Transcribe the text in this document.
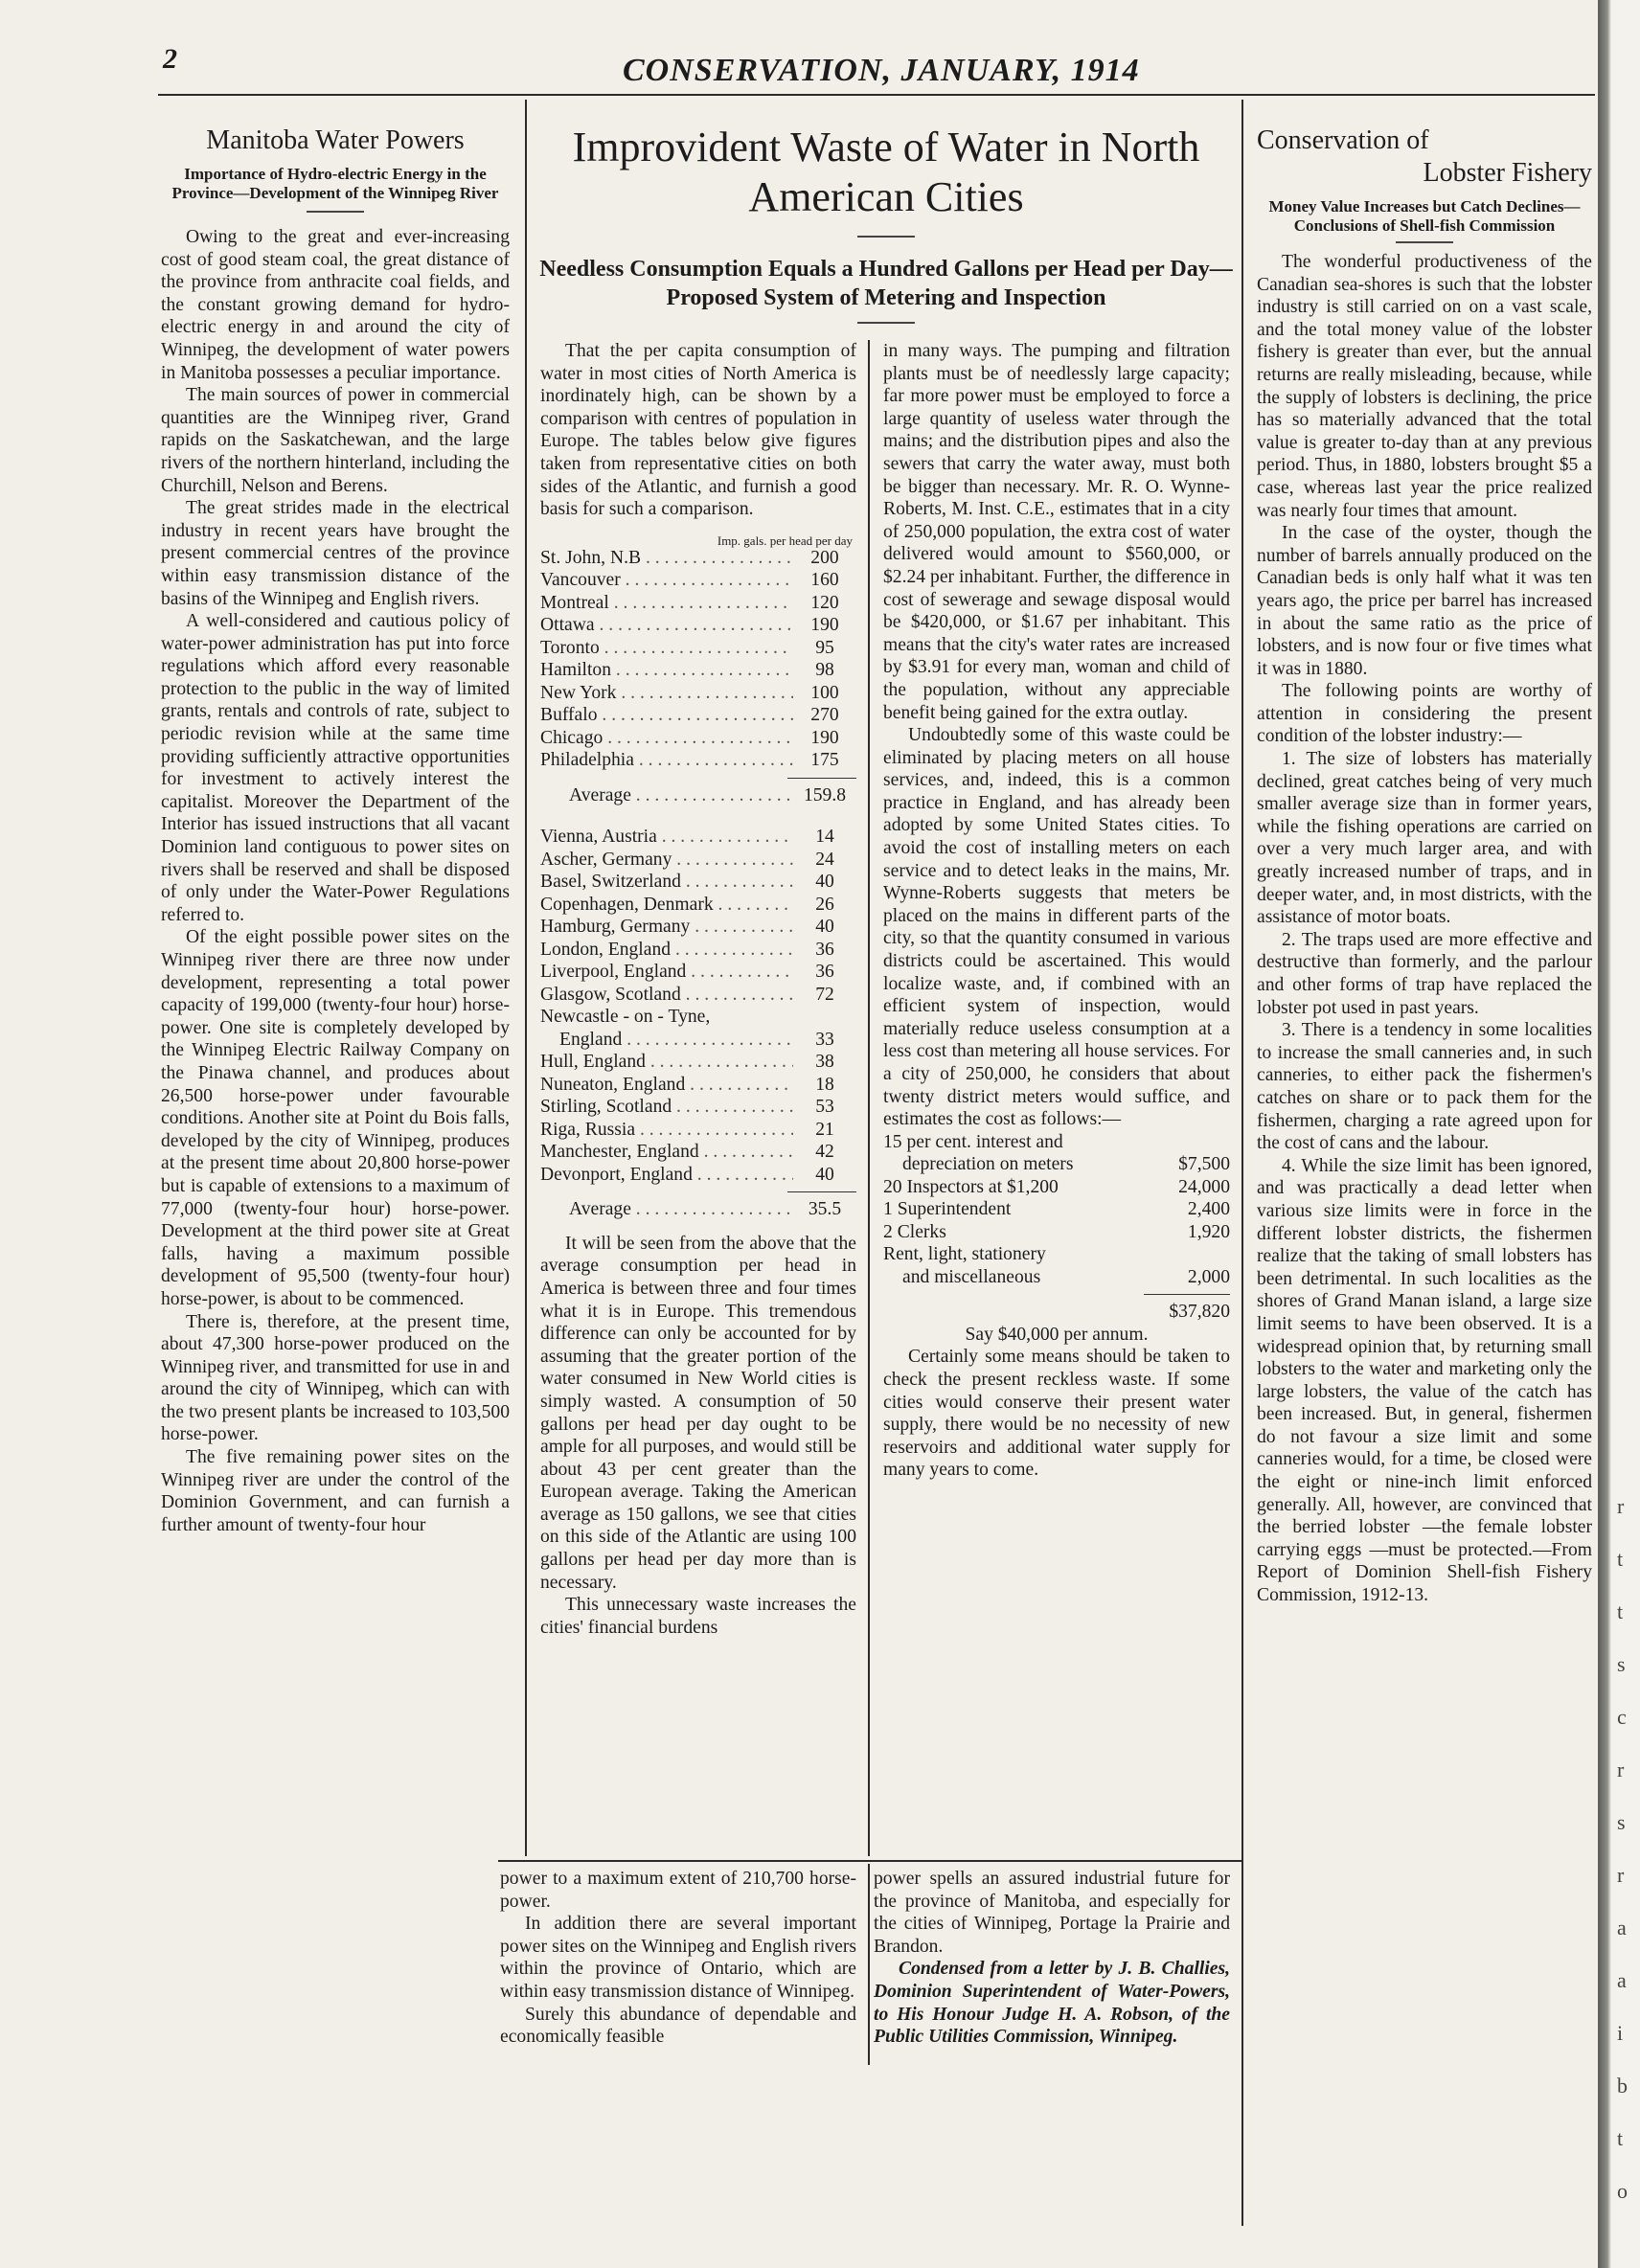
2	CONSERVATION, JANUARY, 1914
Manitoba Water Powers
Importance of Hydro-electric Energy in the Province—Development of the Winnipeg River

Owing to the great and ever-increasing cost of good steam coal, the great distance of the province from anthracite coal fields, and the constant growing demand for hydro-electric energy in and around the city of Winnipeg, the development of water powers in Manitoba possesses a peculiar importance.

The main sources of power in commercial quantities are the Winnipeg river, Grand rapids on the Saskatchewan, and the large rivers of the northern hinterland, including the Churchill, Nelson and Berens.

The great strides made in the electrical industry in recent years have brought the present commercial centres of the province within easy transmission distance of the basins of the Winnipeg and English rivers.

A well-considered and cautious policy of water-power administration has put into force regulations which afford every reasonable protection to the public in the way of limited grants, rentals and controls of rate, subject to periodic revision while at the same time providing sufficiently attractive opportunities for investment to actively interest the capitalist. Moreover the Department of the Interior has issued instructions that all vacant Dominion land contiguous to power sites on rivers shall be reserved and shall be disposed of only under the Water-Power Regulations referred to.

Of the eight possible power sites on the Winnipeg river there are three now under development, representing a total power capacity of 199,000 (twenty-four hour) horse-power. One site is completely developed by the Winnipeg Electric Railway Company on the Pinawa channel, and produces about 26,500 horse-power under favourable conditions. Another site at Point du Bois falls, developed by the city of Winnipeg, produces at the present time about 20,800 horse-power but is capable of extensions to a maximum of 77,000 (twenty-four hour) horse-power. Development at the third power site at Great falls, having a maximum possible development of 95,500 (twenty-four hour) horse-power, is about to be commenced.

There is, therefore, at the present time, about 47,300 horse-power produced on the Winnipeg river, and transmitted for use in and around the city of Winnipeg, which can with the two present plants be increased to 103,500 horse-power.

The five remaining power sites on the Winnipeg river are under the control of the Dominion Government, and can furnish a further amount of twenty-four hour

Improvident Waste of Water in North American Cities
Needless Consumption Equals a Hundred Gallons per Head per Day—Proposed System of Metering and Inspection

That the per capita consumption of water in most cities of North America is inordinately high, can be shown by a comparison with centres of population in Europe. The tables below give figures taken from representative cities on both sides of the Atlantic, and furnish a good basis for such a comparison.

Imp. gals. per head per day
St. John, N.B . . .	200
Vancouver . . .	160
Montreal . . .	120
Ottawa . . .	190
Toronto . . .	95
Hamilton . . .	98
New York . . .	100
Buffalo . . .	270
Chicago . . .	190
Philadelphia . . .	175
Average . . .	159.8
Vienna, Austria . . .	14
Ascher, Germany . . .	24
Basel, Switzerland . . .	40
Copenhagen, Denmark . . .	26
Hamburg, Germany . . .	40
London, England . . .	36
Liverpool, England . . .	36
Glasgow, Scotland . . .	72
Newcastle - on - Tyne,
England . . .	33
Hull, England . . .	38
Nuneaton, England . . .	18
Stirling, Scotland . . .	53
Riga, Russia . . .	21
Manchester, England . . .	42
Devonport, England . . .	40
Average . . .	35.5

It will be seen from the above that the average consumption per head in America is between three and four times what it is in Europe. This tremendous difference can only be accounted for by assuming that the greater portion of the water consumed in New World cities is simply wasted. A consumption of 50 gallons per head per day ought to be ample for all purposes, and would still be about 43 per cent greater than the European average. Taking the American average as 150 gallons, we see that cities on this side of the Atlantic are using 100 gallons per head per day more than is necessary.

This unnecessary waste increases the cities' financial burdens

in many ways. The pumping and filtration plants must be of needlessly large capacity; far more power must be employed to force a large quantity of useless water through the mains; and the distribution pipes and also the sewers that carry the water away, must both be bigger than necessary. Mr. R. O. Wynne-Roberts, M. Inst. C.E., estimates that in a city of 250,000 population, the extra cost of water delivered would amount to $560,000, or $2.24 per inhabitant. Further, the difference in cost of sewerage and sewage disposal would be $420,000, or $1.67 per inhabitant. This means that the city's water rates are increased by $3.91 for every man, woman and child of the population, without any appreciable benefit being gained for the extra outlay.

Undoubtedly some of this waste could be eliminated by placing meters on all house services, and, indeed, this is a common practice in England, and has already been adopted by some United States cities. To avoid the cost of installing meters on each service and to detect leaks in the mains, Mr. Wynne-Roberts suggests that meters be placed on the mains in different parts of the city, so that the quantity consumed in various districts could be ascertained. This would localize waste, and, if combined with an efficient system of inspection, would materially reduce useless consumption at a less cost than metering all house services. For a city of 250,000, he considers that about twenty district meters would suffice, and estimates the cost as follows:—

15 per cent. interest and
depreciation on meters	$7,500
20 Inspectors at $1,200	24,000
1 Superintendent	2,400
2 Clerks	1,920
Rent, light, stationery
and miscellaneous	2,000
$37,820
Say $40,000 per annum.

Certainly some means should be taken to check the present reckless waste. If some cities would conserve their present water supply, there would be no necessity of new reservoirs and additional water supply for many years to come.

power to a maximum extent of 210,700 horse-power.

In addition there are several important power sites on the Winnipeg and English rivers within the province of Ontario, which are within easy transmission distance of Winnipeg.

Surely this abundance of dependable and economically feasible

power spells an assured industrial future for the province of Manitoba, and especially for the cities of Winnipeg, Portage la Prairie and Brandon.

Condensed from a letter by J. B. Challies, Dominion Superintendent of Water-Powers, to His Honour Judge H. A. Robson, of the Public Utilities Commission, Winnipeg.

Conservation of
Lobster Fishery
Money Value Increases but Catch Declines—Conclusions of Shell-fish Commission

The wonderful productiveness of the Canadian sea-shores is such that the lobster industry is still carried on on a vast scale, and the total money value of the lobster fishery is greater than ever, but the annual returns are really misleading, because, while the supply of lobsters is declining, the price has so materially advanced that the total value is greater to-day than at any previous period. Thus, in 1880, lobsters brought $5 a case, whereas last year the price realized was nearly four times that amount.

In the case of the oyster, though the number of barrels annually produced on the Canadian beds is only half what it was ten years ago, the price per barrel has increased in about the same ratio as the price of lobsters, and is now four or five times what it was in 1880.

The following points are worthy of attention in considering the present condition of the lobster industry:—

1. The size of lobsters has materially declined, great catches being of very much smaller average size than in former years, while the fishing operations are carried on over a very much larger area, and with greatly increased number of traps, and in deeper water, and, in most districts, with the assistance of motor boats.

2. The traps used are more effective and destructive than formerly, and the parlour and other forms of trap have replaced the lobster pot used in past years.

3. There is a tendency in some localities to increase the small canneries and, in such canneries, to either pack the fishermen's catches on share or to pack them for the fishermen, charging a rate agreed upon for the cost of cans and the labour.

4. While the size limit has been ignored, and was practically a dead letter when various size limits were in force in the different lobster districts, the fishermen realize that the taking of small lobsters has been detrimental. In such localities as the shores of Grand Manan island, a large size limit seems to have been observed. It is a widespread opinion that, by returning small lobsters to the water and marketing only the large lobsters, the value of the catch has been increased. But, in general, fishermen do not favour a size limit and some canneries would, for a time, be closed were the eight or nine-inch limit enforced generally. All, however, are convinced that the berried lobster —the female lobster carrying eggs —must be protected.—From Report of Dominion Shell-fish Fishery Commission, 1912-13.

r
t
t
s
c
r
s
r
a
a
i
b
t
o
